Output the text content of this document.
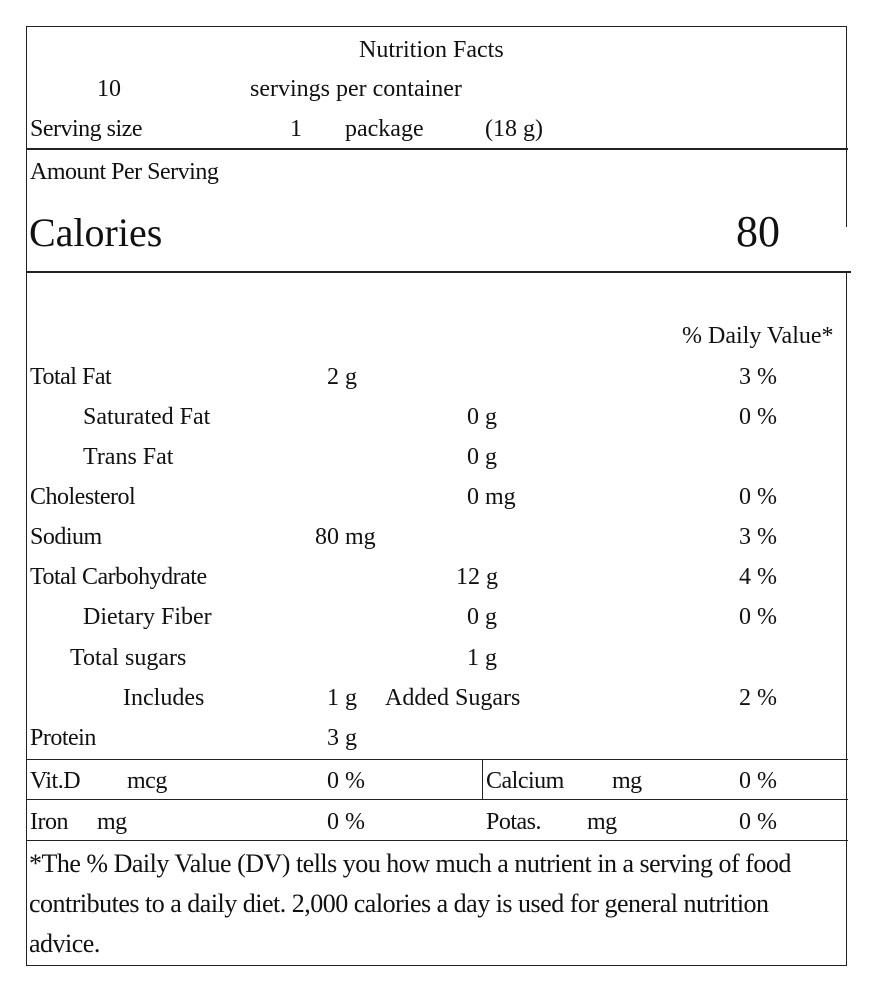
Nutrition Facts
10	servings per container
Serving size	1 package	(18 g)
Amount Per Serving
Calories	80
% Daily Value*
Total Fat	2 g	3 %
Saturated Fat	0 g	0 %
Trans Fat	0 g
Cholesterol	0 mg	0 %
Sodium	80 mg	3 %
Total Carbohydrate	12 g	4 %
Dietary Fiber	0 g	0 %
Total sugars	1 g
Includes	1 g Added Sugars	2 %
Protein	3 g
Vit.D mcg	0 %	Calcium mg	0 %
Iron mg	0 %	Potas. mg	0 %
*The % Daily Value (DV) tells you how much a nutrient in a serving of food
contributes to a daily diet. 2,000 calories a day is used for general nutrition
advice.
